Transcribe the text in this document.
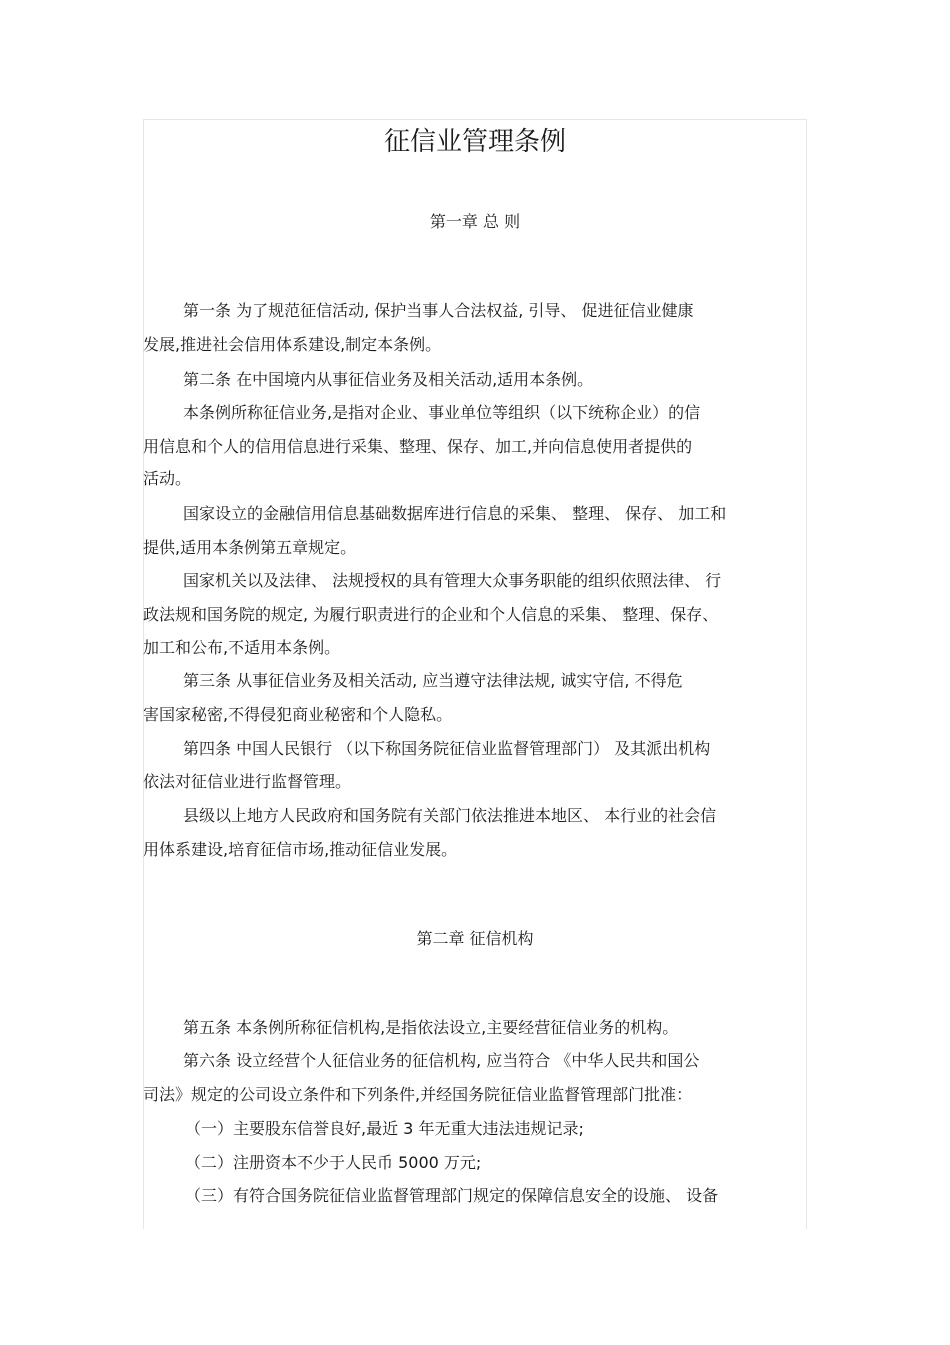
征信业管理条例
第一章 总 则
第一条 为了规范征信活动, 保护当事人合法权益, 引导、 促进征信业健康
发展,推进社会信用体系建设,制定本条例。
第二条 在中国境内从事征信业务及相关活动,适用本条例。
本条例所称征信业务,是指对企业、事业单位等组织（以下统称企业）的信
用信息和个人的信用信息进行采集、整理、保存、加工,并向信息使用者提供的
活动。
国家设立的金融信用信息基础数据库进行信息的采集、 整理、 保存、 加工和
提供,适用本条例第五章规定。
国家机关以及法律、 法规授权的具有管理大众事务职能的组织依照法律、 行
政法规和国务院的规定, 为履行职责进行的企业和个人信息的采集、 整理、保存、
加工和公布,不适用本条例。
第三条 从事征信业务及相关活动, 应当遵守法律法规, 诚实守信, 不得危
害国家秘密,不得侵犯商业秘密和个人隐私。
第四条 中国人民银行 （以下称国务院征信业监督管理部门） 及其派出机构
依法对征信业进行监督管理。
县级以上地方人民政府和国务院有关部门依法推进本地区、 本行业的社会信
用体系建设,培育征信市场,推动征信业发展。
第二章 征信机构
第五条 本条例所称征信机构,是指依法设立,主要经营征信业务的机构。
第六条 设立经营个人征信业务的征信机构, 应当符合 《中华人民共和国公
司法》规定的公司设立条件和下列条件,并经国务院征信业监督管理部门批准：
（一）主要股东信誉良好,最近 3 年无重大违法违规记录;
（二）注册资本不少于人民币 5000 万元;
（三）有符合国务院征信业监督管理部门规定的保障信息安全的设施、 设备
